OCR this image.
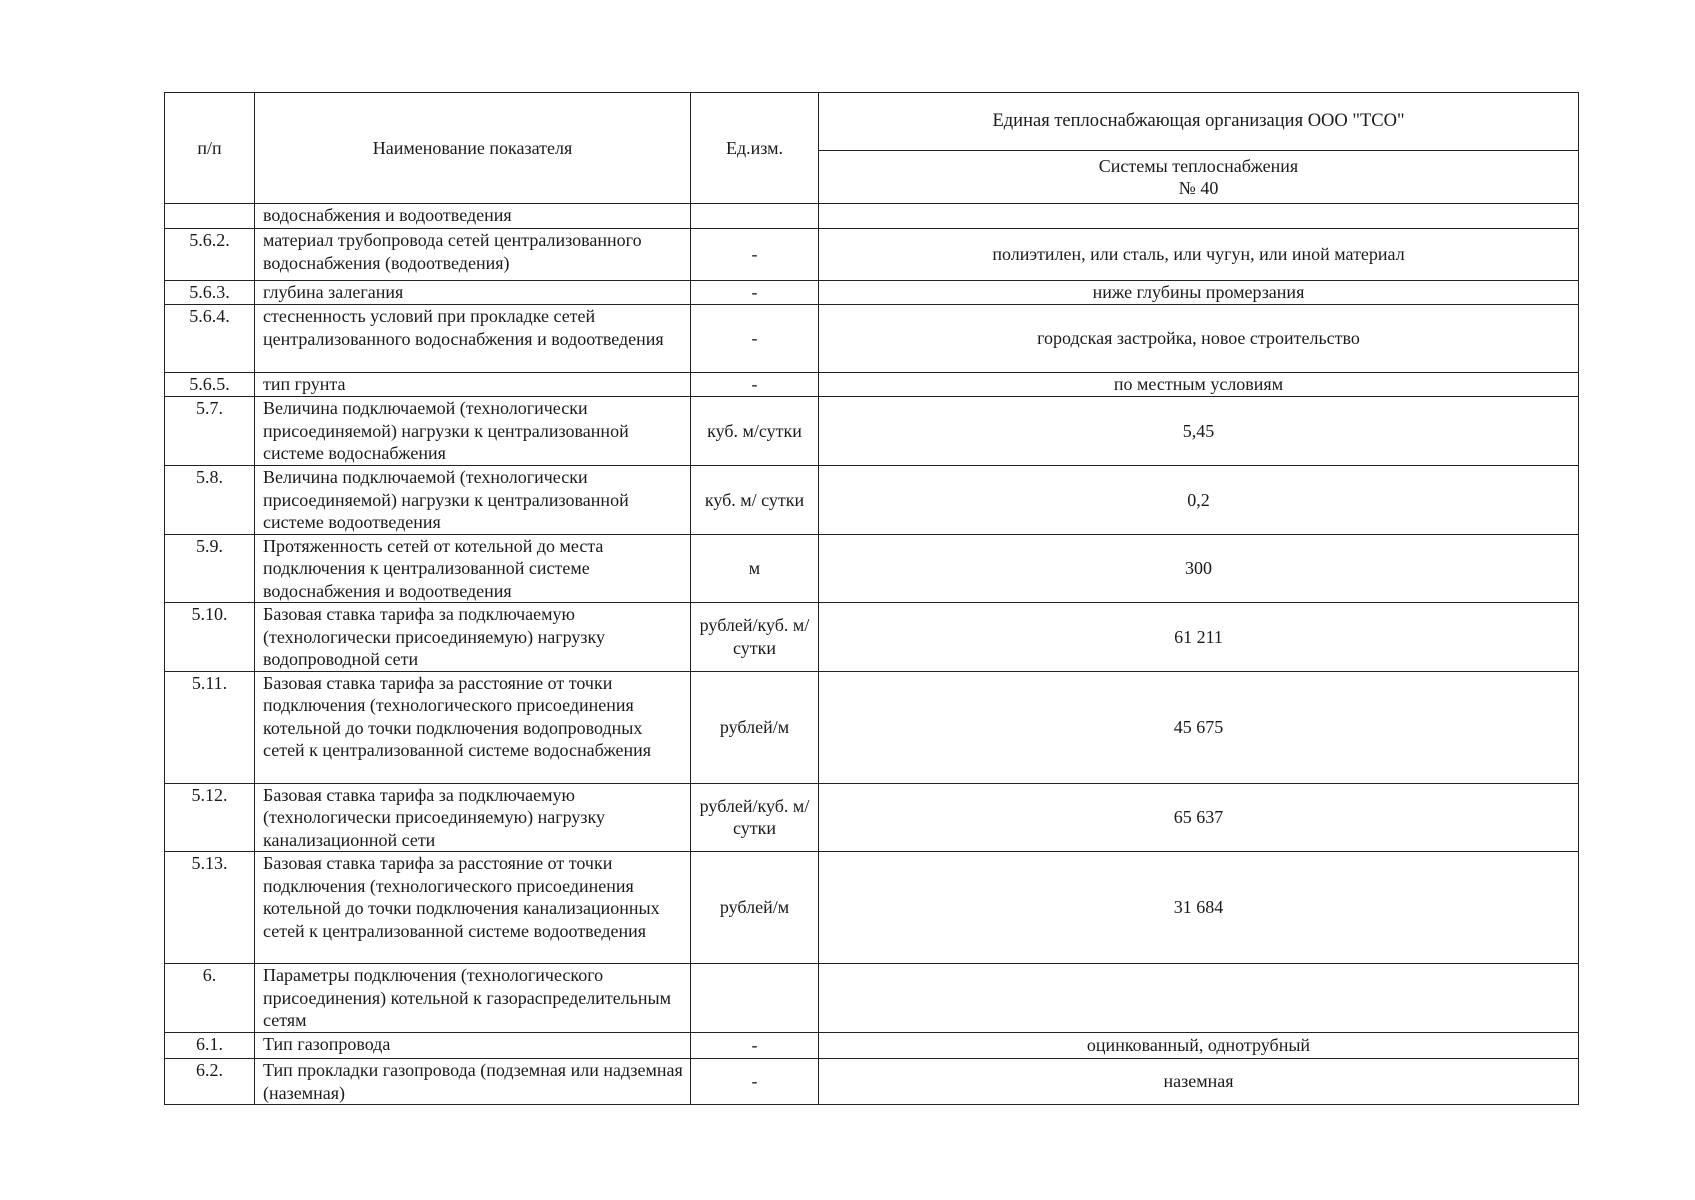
п/п	Наименование показателя	Ед.изм.	Единая теплоснабжающая организация ООО "ТСО"

			Системы теплоснабжения
№ 40

	водоснабжения и водоотведения		
5.6.2.	материал трубопровода сетей централизованного водоснабжения (водоотведения)	-	полиэтилен, или сталь, или чугун, или иной материал
5.6.3.	глубина залегания	-	ниже глубины промерзания
5.6.4.	стесненность условий при прокладке сетей централизованного водоснабжения и водоотведения	-	городская застройка, новое строительство
5.6.5.	тип грунта	-	по местным условиям
5.7.	Величина подключаемой (технологически присоединяемой) нагрузки к централизованной системе водоснабжения	куб. м/сутки	5,45
5.8.	Величина подключаемой (технологически присоединяемой) нагрузки к централизованной системе водоотведения	куб. м/ сутки	0,2
5.9.	Протяженность сетей от котельной до места подключения к централизованной системе водоснабжения и водоотведения	м	300
5.10.	Базовая ставка тарифа за подключаемую (технологически присоединяемую) нагрузку водопроводной сети	рублей/куб. м/сутки	61 211
5.11.	Базовая ставка тарифа за расстояние от точки подключения (технологического присоединения котельной до точки подключения водопроводных сетей к централизованной системе водоснабжения	рублей/м	45 675
5.12.	Базовая ставка тарифа за подключаемую (технологически присоединяемую) нагрузку канализационной сети	рублей/куб. м/сутки	65 637
5.13.	Базовая ставка тарифа за расстояние от точки подключения (технологического присоединения котельной до точки подключения канализационных сетей к централизованной системе водоотведения	рублей/м	31 684
6.	Параметры подключения (технологического присоединения) котельной к газораспределительным сетям		
6.1.	Тип газопровода	-	оцинкованный, однотрубный
6.2.	Тип прокладки газопровода (подземная или надземная (наземная)	-	наземная
